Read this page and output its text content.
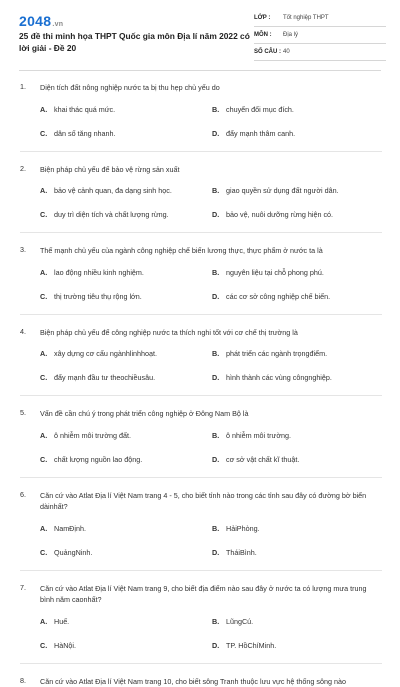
2048.vn
25 đề thi minh họa THPT Quốc gia môn Địa lí năm 2022 có lời giải - Đề 20
LỚP : Tốt nghiệp THPT
MÔN : Địa lý
SỐ CÂU : 40
1. Diện tích đất nông nghiệp nước ta bị thu hẹp chủ yếu do
A. khai thác quá mức.	B. chuyển đổi mục đích.
C. dân số tăng nhanh.	D. đẩy mạnh thâm canh.
2. Biện pháp chủ yếu để bảo vệ rừng sản xuất
A. bảo vệ cảnh quan, đa dạng sinh học.	B. giao quyền sử dụng đất người dân.
C. duy trì diện tích và chất lượng rừng.	D. bảo vệ, nuôi dưỡng rừng hiện có.
3. Thế mạnh chủ yếu của ngành công nghiệp chế biến lương thực, thực phẩm ở nước ta là
A. lao động nhiều kinh nghiệm.	B. nguyên liệu tại chỗ phong phú.
C. thị trường tiêu thụ rộng lớn.	D. các cơ sở công nghiệp chế biến.
4. Biện pháp chủ yếu để công nghiệp nước ta thích nghi tốt với cơ chế thị trường là
A. xây dựng cơ cấu ngànhlinhhoạt.	B. phát triển các ngành trọngđiểm.
C. đẩy mạnh đầu tư theochiềusâu.	D. hình thành các vùng côngnghiệp.
5. Vấn đề cần chú ý trong phát triển công nghiệp ở Đông Nam Bộ là
A. ô nhiễm môi trường đất.	B. ô nhiễm môi trường.
C. chất lượng nguồn lao động.	D. cơ sở vật chất kĩ thuật.
6. Căn cứ vào Atlat Địa lí Việt Nam trang 4 - 5, cho biết tỉnh nào trong các tỉnh sau đây có đường bờ biển dàinhất?
A. NamĐịnh.	B. HảiPhòng.
C. QuảngNinh.	D. TháiBình.
7. Căn cứ vào Atlat Địa lí Việt Nam trang 9, cho biết địa điểm nào sau đây ở nước ta có lượng mưa trung bình năm caonhất?
A. Huế.	B. LũngCú.
C. HàNội.	D. TP. HồChíMinh.
8. Căn cứ vào Atlat Địa lí Việt Nam trang 10, cho biết sông Tranh thuộc lưu vực hệ thống sông nào
